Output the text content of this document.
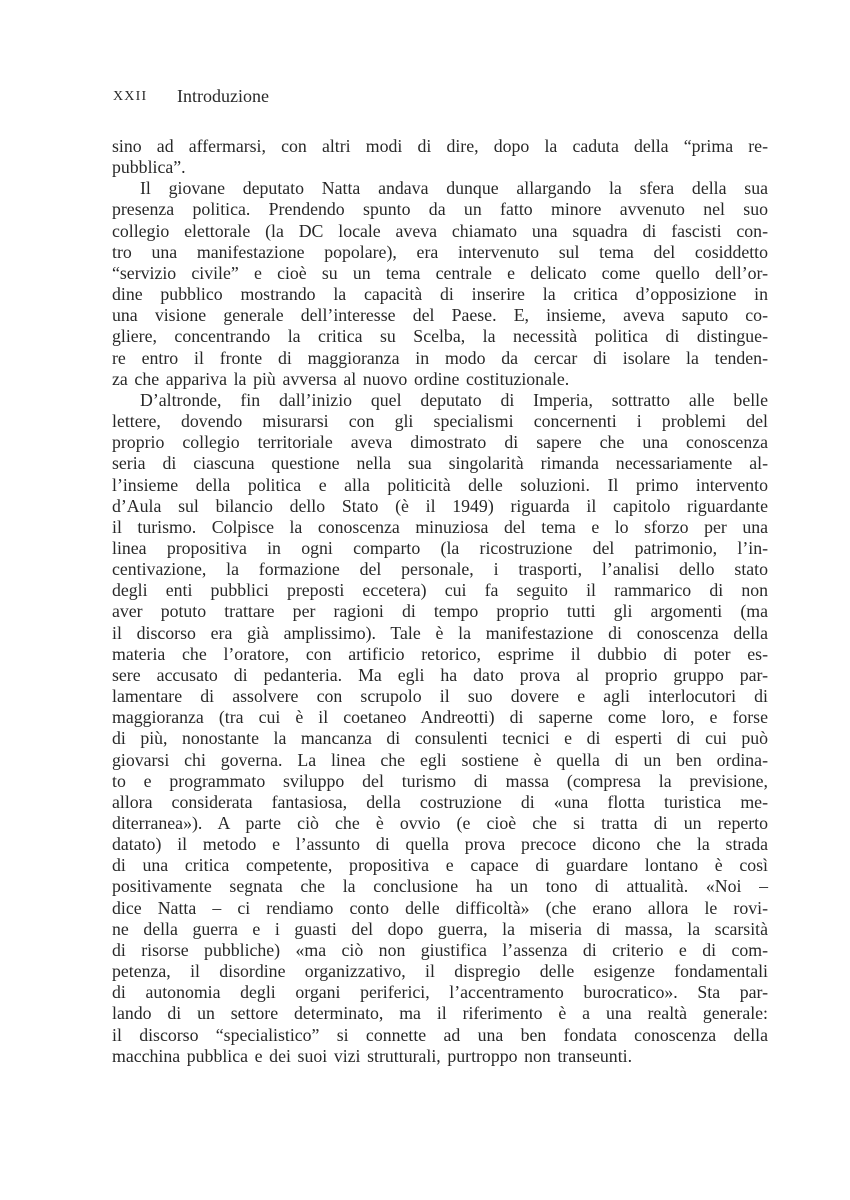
XXII Introduzione
sino ad affermarsi, con altri modi di dire, dopo la caduta della “prima re-
pubblica”.
Il giovane deputato Natta andava dunque allargando la sfera della sua
presenza politica. Prendendo spunto da un fatto minore avvenuto nel suo
collegio elettorale (la DC locale aveva chiamato una squadra di fascisti con-
tro una manifestazione popolare), era intervenuto sul tema del cosiddetto
“servizio civile” e cioè su un tema centrale e delicato come quello dell’or-
dine pubblico mostrando la capacità di inserire la critica d’opposizione in
una visione generale dell’interesse del Paese. E, insieme, aveva saputo co-
gliere, concentrando la critica su Scelba, la necessità politica di distingue-
re entro il fronte di maggioranza in modo da cercar di isolare la tenden-
za che appariva la più avversa al nuovo ordine costituzionale.
D’altronde, fin dall’inizio quel deputato di Imperia, sottratto alle belle
lettere, dovendo misurarsi con gli specialismi concernenti i problemi del
proprio collegio territoriale aveva dimostrato di sapere che una conoscenza
seria di ciascuna questione nella sua singolarità rimanda necessariamente al-
l’insieme della politica e alla politicità delle soluzioni. Il primo intervento
d’Aula sul bilancio dello Stato (è il 1949) riguarda il capitolo riguardante
il turismo. Colpisce la conoscenza minuziosa del tema e lo sforzo per una
linea propositiva in ogni comparto (la ricostruzione del patrimonio, l’in-
centivazione, la formazione del personale, i trasporti, l’analisi dello stato
degli enti pubblici preposti eccetera) cui fa seguito il rammarico di non
aver potuto trattare per ragioni di tempo proprio tutti gli argomenti (ma
il discorso era già amplissimo). Tale è la manifestazione di conoscenza della
materia che l’oratore, con artificio retorico, esprime il dubbio di poter es-
sere accusato di pedanteria. Ma egli ha dato prova al proprio gruppo par-
lamentare di assolvere con scrupolo il suo dovere e agli interlocutori di
maggioranza (tra cui è il coetaneo Andreotti) di saperne come loro, e forse
di più, nonostante la mancanza di consulenti tecnici e di esperti di cui può
giovarsi chi governa. La linea che egli sostiene è quella di un ben ordina-
to e programmato sviluppo del turismo di massa (compresa la previsione,
allora considerata fantasiosa, della costruzione di «una flotta turistica me-
diterranea»). A parte ciò che è ovvio (e cioè che si tratta di un reperto
datato) il metodo e l’assunto di quella prova precoce dicono che la strada
di una critica competente, propositiva e capace di guardare lontano è così
positivamente segnata che la conclusione ha un tono di attualità. «Noi –
dice Natta – ci rendiamo conto delle difficoltà» (che erano allora le rovi-
ne della guerra e i guasti del dopo guerra, la miseria di massa, la scarsità
di risorse pubbliche) «ma ciò non giustifica l’assenza di criterio e di com-
petenza, il disordine organizzativo, il dispregio delle esigenze fondamentali
di autonomia degli organi periferici, l’accentramento burocratico». Sta par-
lando di un settore determinato, ma il riferimento è a una realtà generale:
il discorso “specialistico” si connette ad una ben fondata conoscenza della
macchina pubblica e dei suoi vizi strutturali, purtroppo non transeunti.
